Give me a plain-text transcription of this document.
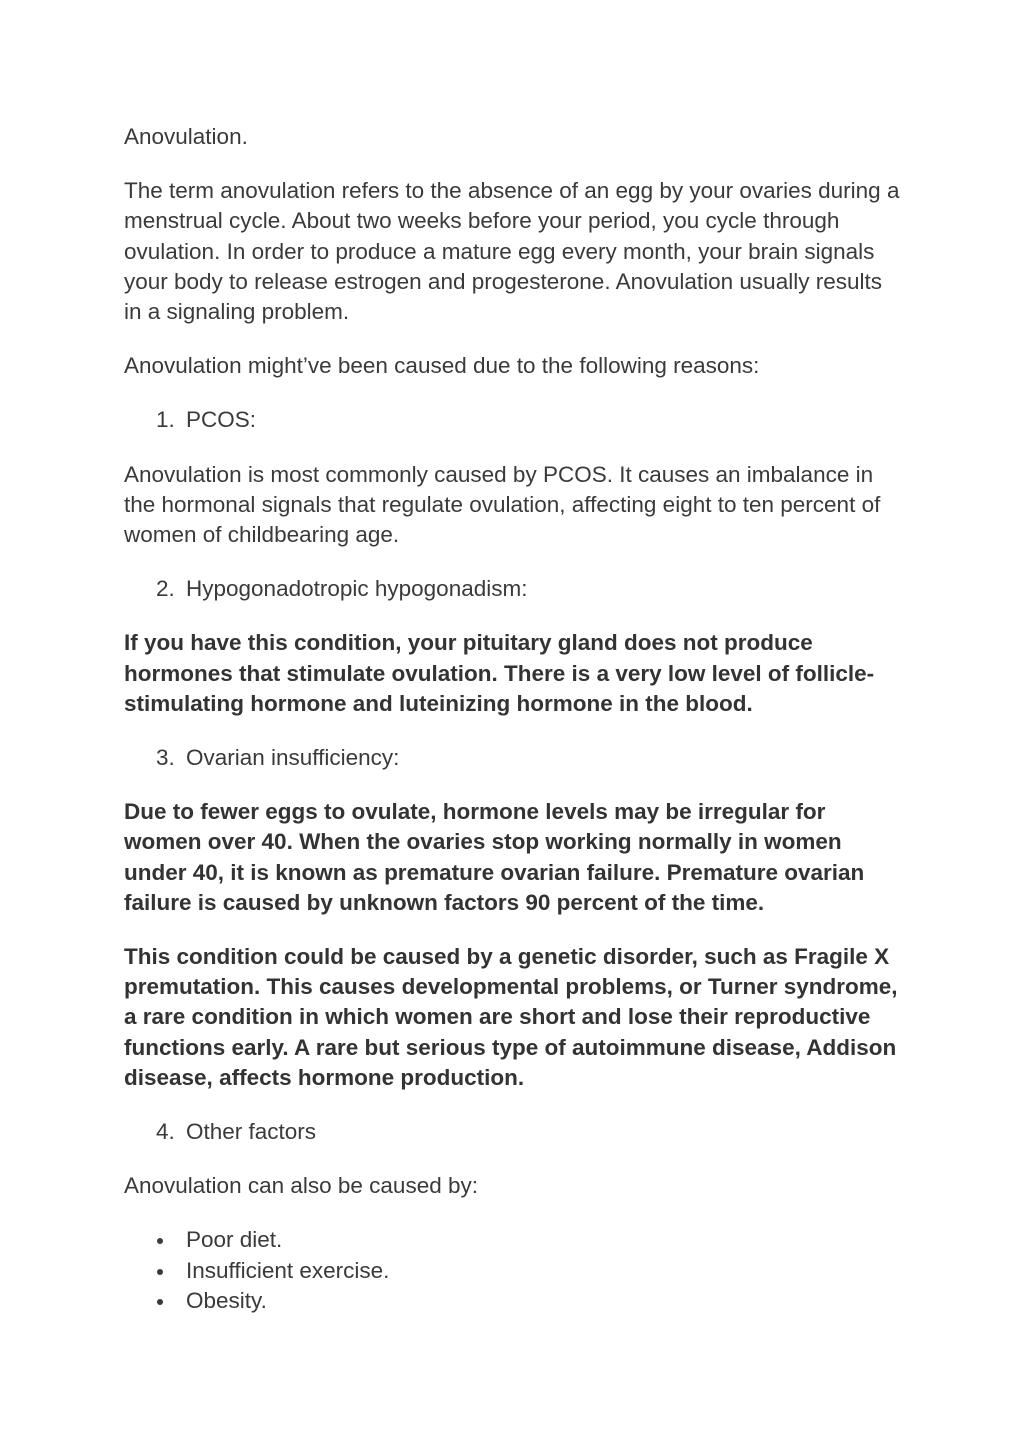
Anovulation.

The term anovulation refers to the absence of an egg by your ovaries during a menstrual cycle. About two weeks before your period, you cycle through ovulation. In order to produce a mature egg every month, your brain signals your body to release estrogen and progesterone. Anovulation usually results in a signaling problem.

Anovulation might’ve been caused due to the following reasons:

1. PCOS:

Anovulation is most commonly caused by PCOS. It causes an imbalance in the hormonal signals that regulate ovulation, affecting eight to ten percent of women of childbearing age.

2. Hypogonadotropic hypogonadism:

If you have this condition, your pituitary gland does not produce hormones that stimulate ovulation. There is a very low level of follicle-stimulating hormone and luteinizing hormone in the blood.

3. Ovarian insufficiency:

Due to fewer eggs to ovulate, hormone levels may be irregular for women over 40. When the ovaries stop working normally in women under 40, it is known as premature ovarian failure. Premature ovarian failure is caused by unknown factors 90 percent of the time.

This condition could be caused by a genetic disorder, such as Fragile X premutation. This causes developmental problems, or Turner syndrome, a rare condition in which women are short and lose their reproductive functions early. A rare but serious type of autoimmune disease, Addison disease, affects hormone production.

4. Other factors

Anovulation can also be caused by:

Poor diet.
Insufficient exercise.
Obesity.
